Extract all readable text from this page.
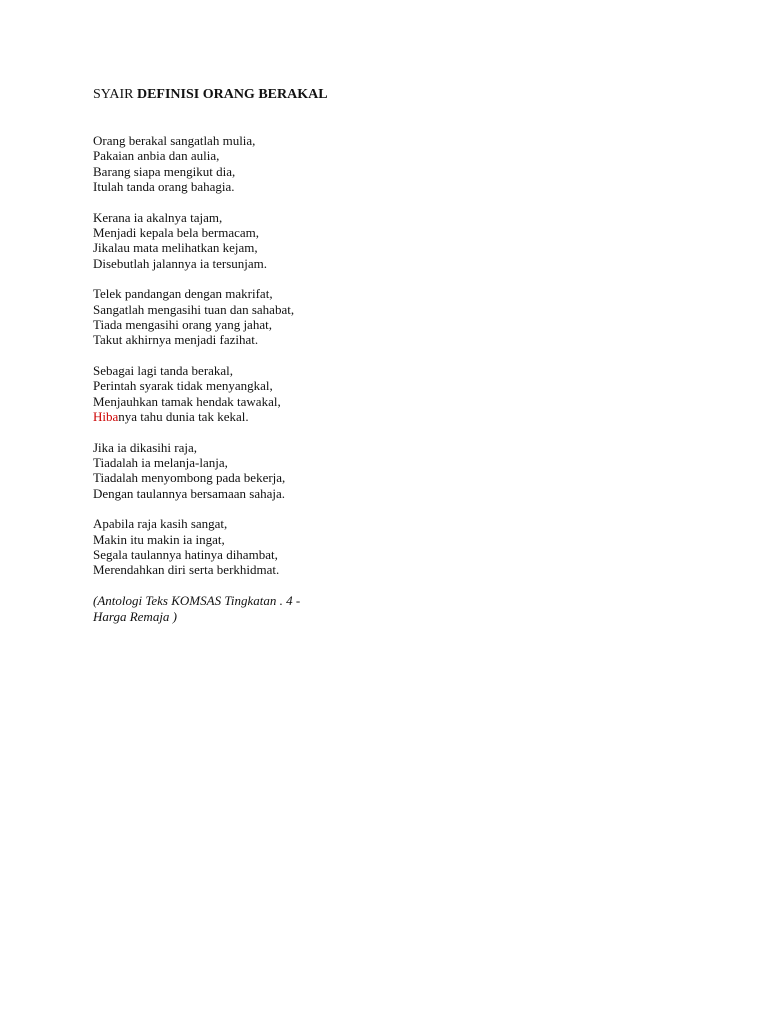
SYAIR DEFINISI ORANG BERAKAL
Orang berakal sangatlah mulia,
Pakaian anbia dan aulia,
Barang siapa mengikut dia,
Itulah tanda orang bahagia.
Kerana ia akalnya tajam,
Menjadi kepala bela bermacam,
Jikalau mata melihatkan kejam,
Disebutlah jalannya ia tersunjam.
Telek pandangan dengan makrifat,
Sangatlah mengasihi tuan dan sahabat,
Tiada mengasihi orang yang jahat,
Takut akhirnya menjadi fazihat.
Sebagai lagi tanda berakal,
Perintah syarak tidak menyangkal,
Menjauhkan tamak hendak tawakal,
Hibanya tahu dunia tak kekal.
Jika ia dikasihi raja,
Tiadalah ia melanja-lanja,
Tiadalah menyombong pada bekerja,
Dengan taulannya bersamaan sahaja.
Apabila raja kasih sangat,
Makin itu makin ia ingat,
Segala taulannya hatinya dihambat,
Merendahkan diri serta berkhidmat.
(Antologi Teks KOMSAS Tingkatan . 4 -
Harga Remaja )
